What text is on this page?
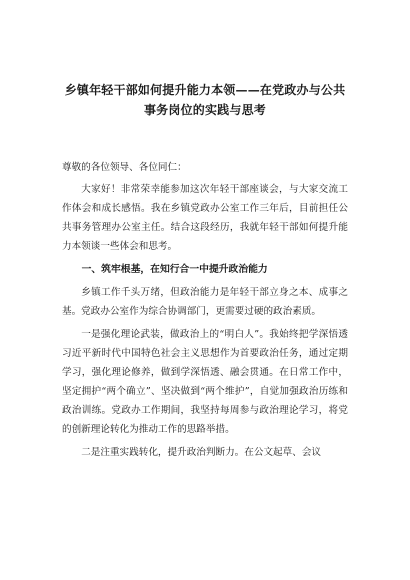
乡镇年轻干部如何提升能力本领——在党政办与公共事务岗位的实践与思考
尊敬的各位领导、各位同仁：

大家好！非常荣幸能参加这次年轻干部座谈会，与大家交流工作体会和成长感悟。我在乡镇党政办公室工作三年后，目前担任公共事务管理办公室主任。结合这段经历，我就年轻干部如何提升能力本领谈一些体会和思考。

一、筑牢根基，在知行合一中提升政治能力

乡镇工作千头万绪，但政治能力是年轻干部立身之本、成事之基。党政办公室作为综合协调部门，更需要过硬的政治素质。

一是强化理论武装，做政治上的“明白人”。我始终把学深悟透习近平新时代中国特色社会主义思想作为首要政治任务，通过定期学习，强化理论修养，做到学深悟透、融会贯通。在日常工作中，坚定拥护“两个确立”、坚决做到“两个维护”，自觉加强政治历练和政治训练。党政办工作期间，我坚持每周参与政治理论学习，将党的创新理论转化为推动工作的思路举措。

二是注重实践转化，提升政治判断力。在公文起草、会议
